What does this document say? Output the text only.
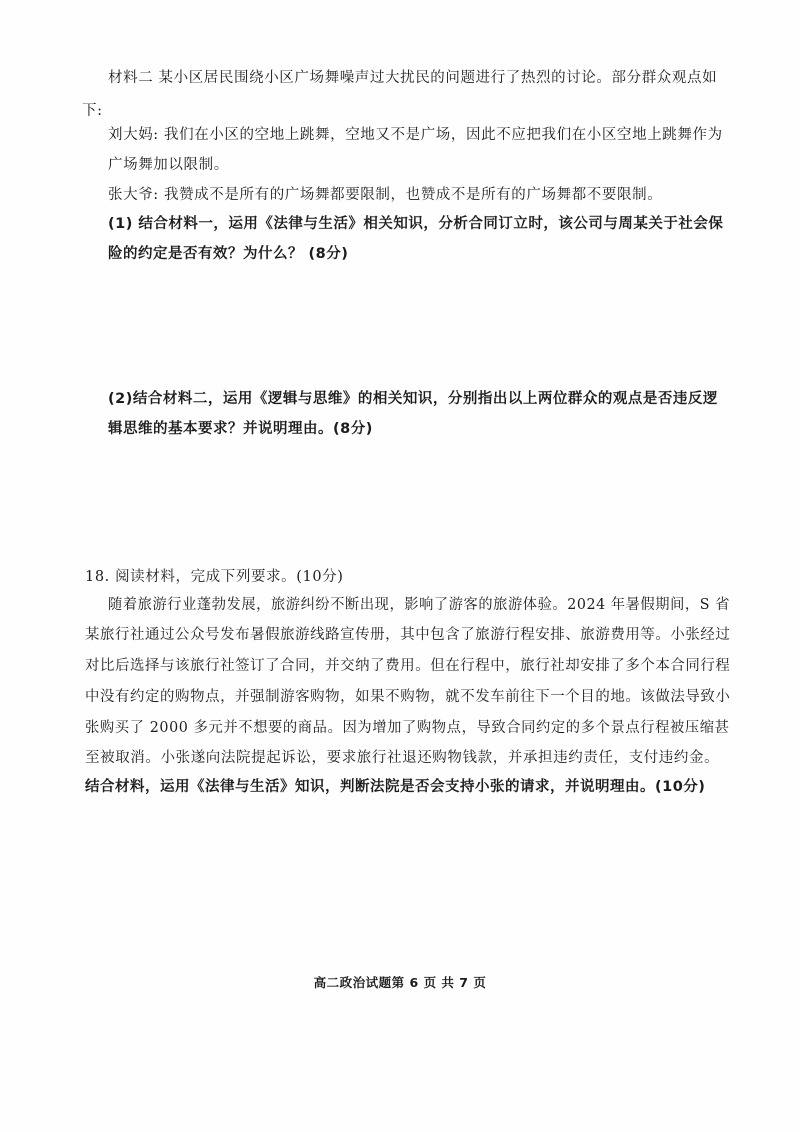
材料二 某小区居民围绕小区广场舞噪声过大扰民的问题进行了热烈的讨论。部分群众观点如
下:
刘大妈: 我们在小区的空地上跳舞，空地又不是广场，因此不应把我们在小区空地上跳舞作为
广场舞加以限制。
张大爷: 我赞成不是所有的广场舞都要限制，也赞成不是所有的广场舞都不要限制。
(1) 结合材料一，运用《法律与生活》相关知识，分析合同订立时，该公司与周某关于社会保
险的约定是否有效？为什么？ (8分)
(2)结合材料二，运用《逻辑与思维》的相关知识，分别指出以上两位群众的观点是否违反逻
辑思维的基本要求？并说明理由。(8分)
18. 阅读材料，完成下列要求。(10分)
随着旅游行业蓬勃发展，旅游纠纷不断出现，影响了游客的旅游体验。2024 年暑假期间，S 省
某旅行社通过公众号发布暑假旅游线路宣传册，其中包含了旅游行程安排、旅游费用等。小张经过
对比后选择与该旅行社签订了合同，并交纳了费用。但在行程中，旅行社却安排了多个本合同行程
中没有约定的购物点，并强制游客购物，如果不购物，就不发车前往下一个目的地。该做法导致小
张购买了 2000 多元并不想要的商品。因为增加了购物点，导致合同约定的多个景点行程被压缩甚
至被取消。小张遂向法院提起诉讼，要求旅行社退还购物钱款，并承担违约责任，支付违约金。
结合材料，运用《法律与生活》知识，判断法院是否会支持小张的请求，并说明理由。(10分)
高二政治试题第 6 页 共 7 页
